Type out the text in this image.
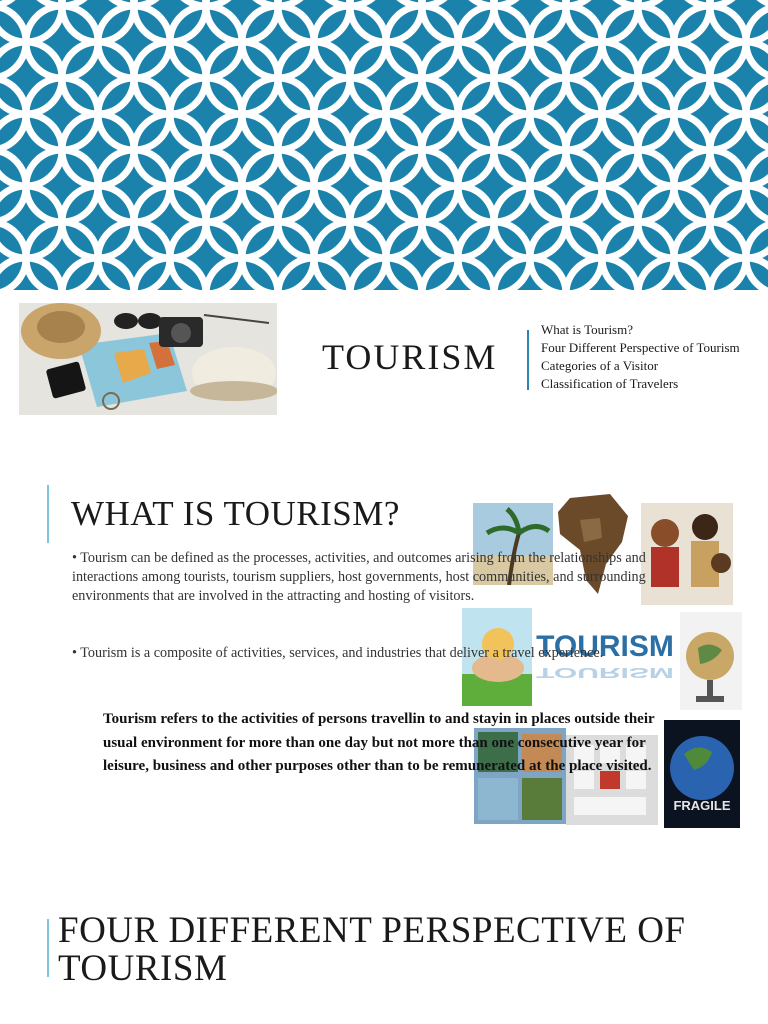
TOURISM
What is Tourism?
Four Different Perspective of Tourism
Categories of a Visitor
Classification of Travelers
WHAT IS TOURISM?
TOURISM
TOURISM
FRAGILE
• Tourism can be defined as the processes, activities, and outcomes arising from the relationships and interactions among tourists, tourism suppliers, host governments, host communities, and surrounding environments that are involved in the attracting and hosting of visitors.
• Tourism is a composite of activities, services, and industries that deliver a travel experience.
Tourism refers to the activities of persons travellin to and stayin in places outside their usual environment for more than one day but not more than one consecutive year for leisure, business and other purposes other than to be remunerated at the place visited.
FOUR DIFFERENT PERSPECTIVE OF TOURISM
